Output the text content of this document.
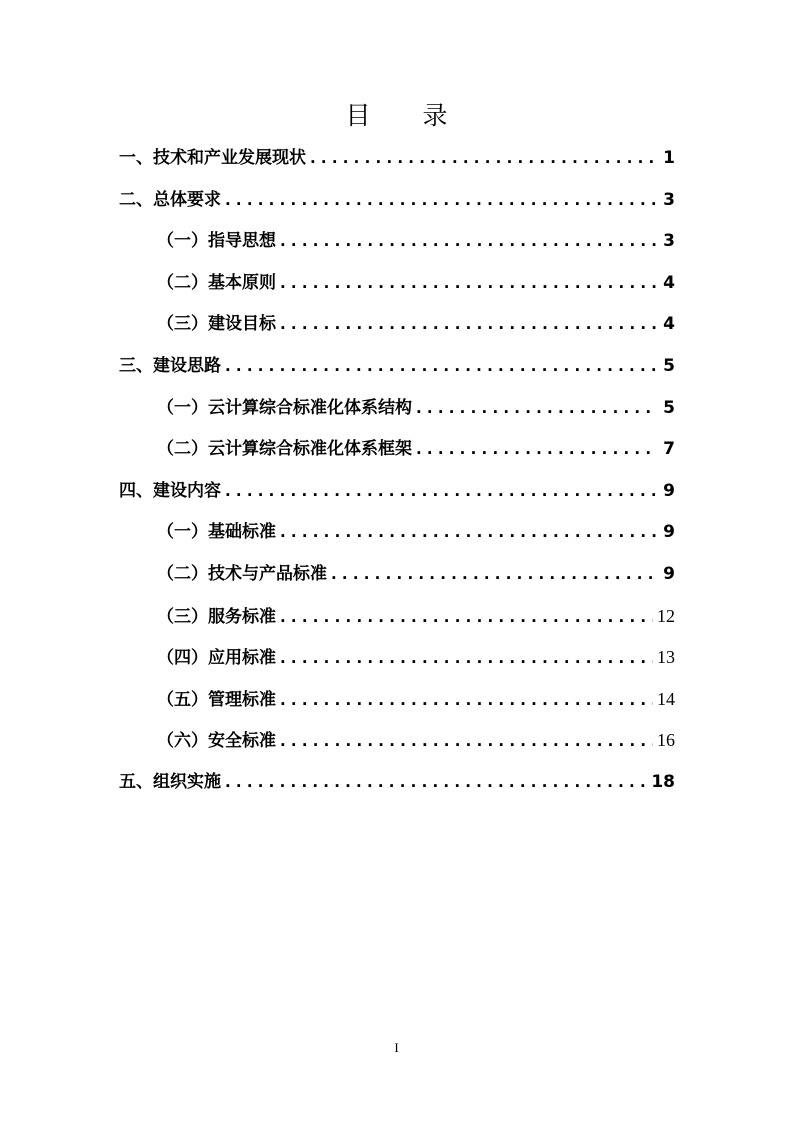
目 录
一、技术和产业发展现状 . . .	1
二、总体要求 . . .	3
（一）指导思想 . . .	3
（二）基本原则 . . .	4
（三）建设目标 . . .	4
三、建设思路 . . .	5
（一）云计算综合标准化体系结构 . . .	5
（二）云计算综合标准化体系框架 . . .	7
四、建设内容 . . .	9
（一）基础标准 . . .	9
（二）技术与产品标准 . . .	9
（三）服务标准 . . .	12
（四）应用标准 . . .	13
（五）管理标准 . . .	14
（六）安全标准 . . .	16
五、组织实施 . . .	18
I
